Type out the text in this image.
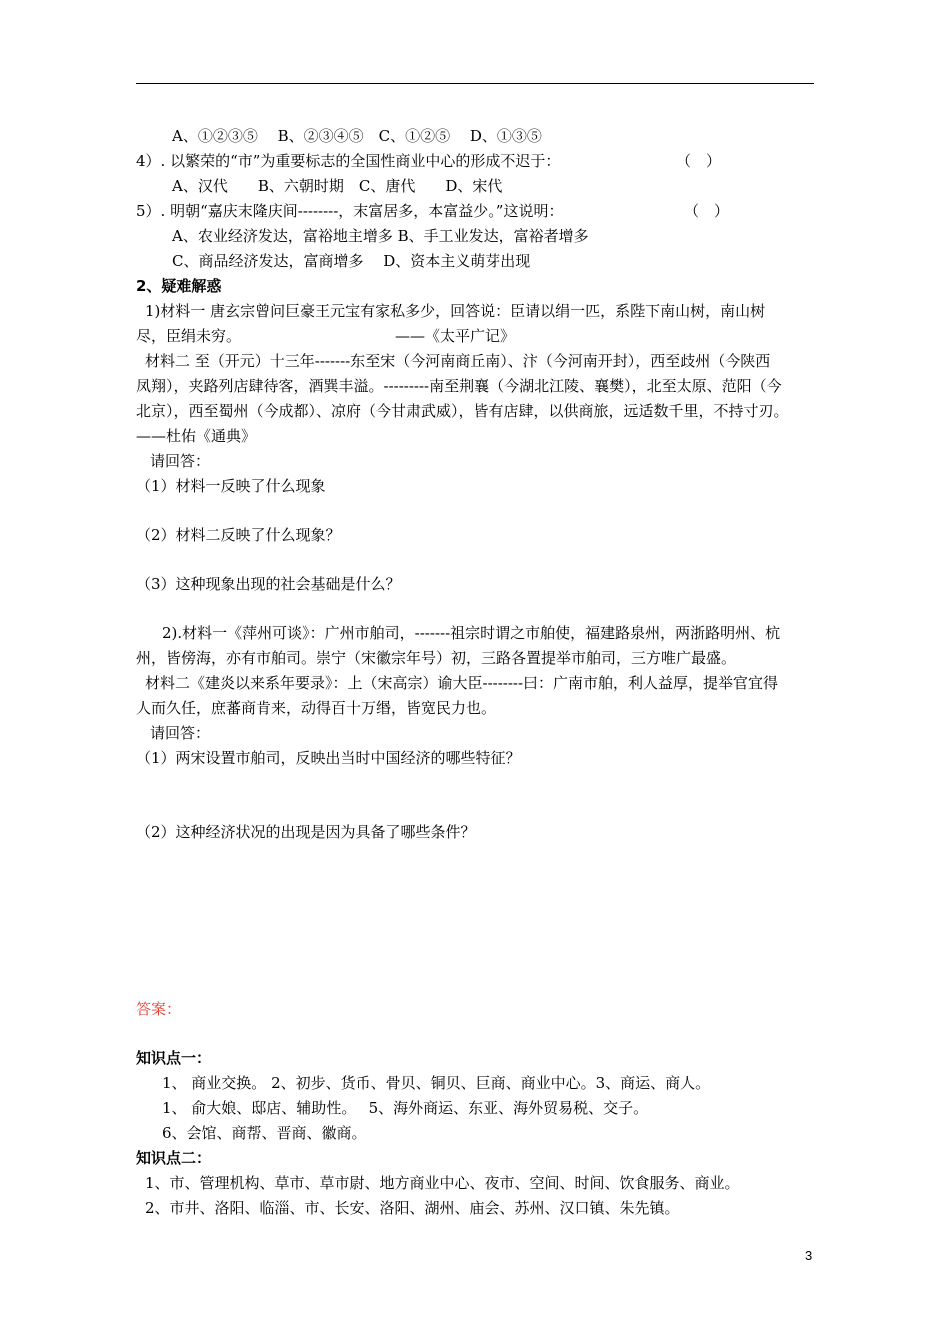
A、①②③⑤　 B、②③④⑤　C、①②⑤　 D、①③⑤
4）. 以繁荣的“市”为重要标志的全国性商业中心的形成不迟于：	（　）
A、汉代　　B、六朝时期　C、唐代　　D、宋代
5）. 明朝“嘉庆末隆庆间--------，末富居多，本富益少。”这说明：	（　）
A、农业经济发达，富裕地主增多 B、手工业发达，富裕者增多
C、商品经济发达，富商增多　 D、资本主义萌芽出现
2、疑难解惑
1)材料一 唐玄宗曾问巨豪王元宝有家私多少，回答说：臣请以绢一匹，系陛下南山树，南山树
尽，臣绢未穷。	——《太平广记》
材料二 至（开元）十三年-------东至宋（今河南商丘南）、汴（今河南开封），西至歧州（今陕西
凤翔），夹路列店肆待客，酒巽丰溢。---------南至荆襄（今湖北江陵、襄樊），北至太原、范阳（今
北京），西至蜀州（今成都）、凉府（今甘肃武威），皆有店肆，以供商旅，远适数千里，不持寸刃。
——杜佑《通典》
请回答：
（1）材料一反映了什么现象
（2）材料二反映了什么现象？
（3）这种现象出现的社会基础是什么？
2).材料一《萍州可谈》：广州市舶司，-------祖宗时谓之市舶使，福建路泉州，两浙路明州、杭
州，皆傍海，亦有市舶司。崇宁（宋徽宗年号）初，三路各置提举市舶司，三方唯广最盛。
材料二《建炎以来系年要录》：上（宋高宗）谕大臣--------曰：广南市舶，利人益厚，提举官宜得
人而久任，庶蕃商肯来，动得百十万缗，皆宽民力也。
请回答：
（1）两宋设置市舶司，反映出当时中国经济的哪些特征？
（2）这种经济状况的出现是因为具备了哪些条件？
答案：
知识点一：
1、 商业交换。 2、初步、货币、骨贝、铜贝、巨商、商业中心。3、商运、商人。
1、 俞大娘、邸店、辅助性。　 5、海外商运、东亚、海外贸易税、交子。
6、会馆、商帮、晋商、徽商。
知识点二：
1、市、管理机构、草市、草市尉、地方商业中心、夜市、空间、时间、饮食服务、商业。
2、市井、洛阳、临淄、市、长安、洛阳、湖州、庙会、苏州、汉口镇、朱先镇。
3
